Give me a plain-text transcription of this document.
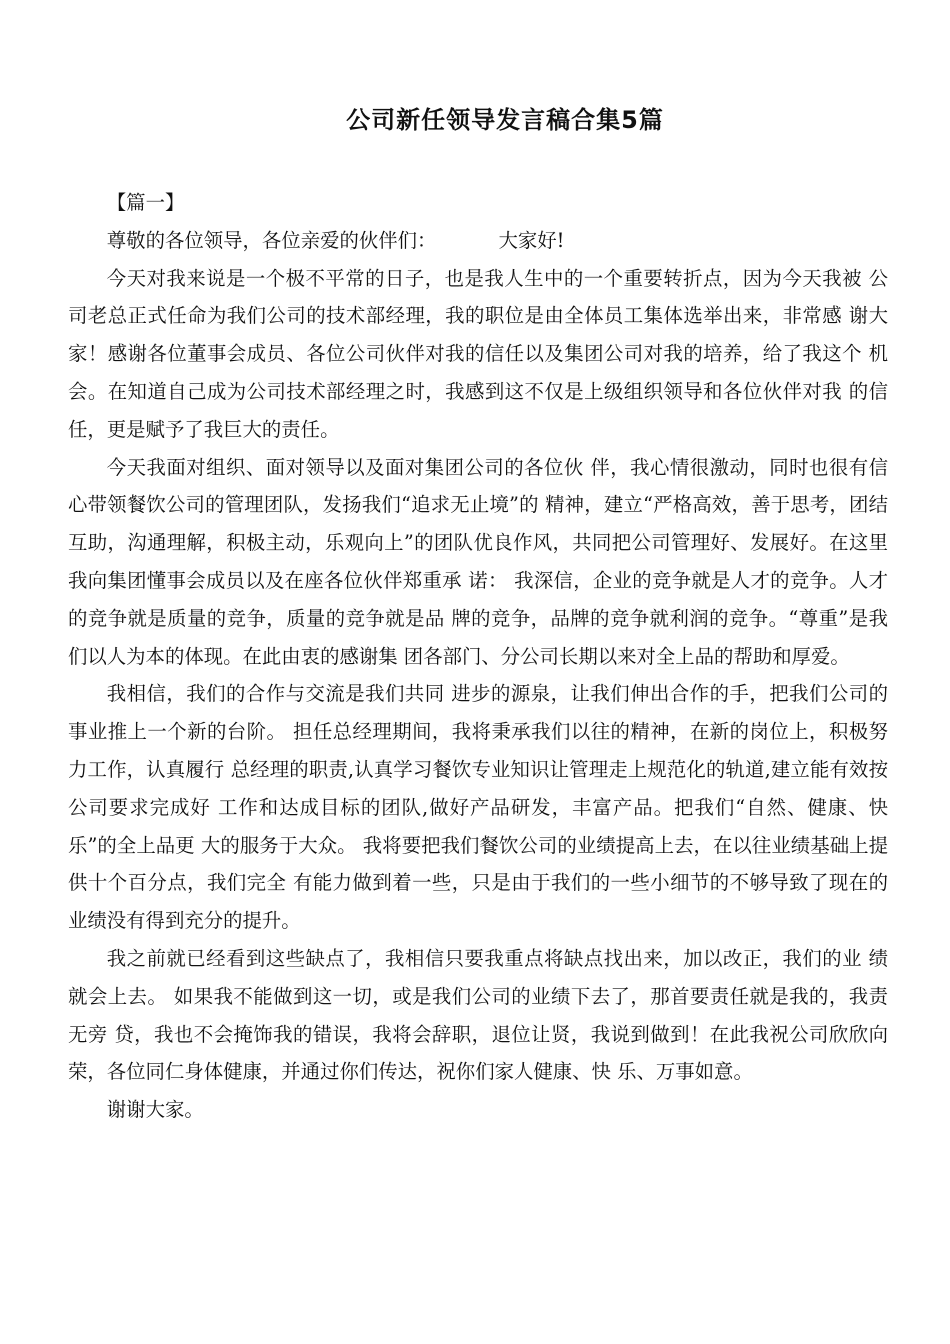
公司新任领导发言稿合集5篇

【篇一】

尊敬的各位领导，各位亲爱的伙伴们：	大家好!

今天对我来说是一个极不平常的日子，也是我人生中的一个重要转折点，因为今天我被 公司老总正式任命为我们公司的技术部经理，我的职位是由全体员工集体选举出来，非常感 谢大家！感谢各位董事会成员、各位公司伙伴对我的信任以及集团公司对我的培养，给了我这个 机会。在知道自己成为公司技术部经理之时，我感到这不仅是上级组织领导和各位伙伴对我 的信任，更是赋予了我巨大的责任。

今天我面对组织、面对领导以及面对集团公司的各位伙 伴，我心情很激动，同时也很有信心带领餐饮公司的管理团队，发扬我们“追求无止境”的 精神，建立“严格高效，善于思考，团结互助，沟通理解，积极主动，乐观向上”的团队优良作风，共同把公司管理好、发展好。在这里我向集团懂事会成员以及在座各位伙伴郑重承 诺： 我深信，企业的竞争就是人才的竞争。人才的竞争就是质量的竞争，质量的竞争就是品 牌的竞争，品牌的竞争就利润的竞争。“尊重”是我们以人为本的体现。在此由衷的感谢集 团各部门、分公司长期以来对全上品的帮助和厚爱。

我相信，我们的合作与交流是我们共同 进步的源泉，让我们伸出合作的手，把我们公司的事业推上一个新的台阶。 担任总经理期间，我将秉承我们以往的精神，在新的岗位上，积极努力工作，认真履行 总经理的职责,认真学习餐饮专业知识让管理走上规范化的轨道,建立能有效按公司要求完成好 工作和达成目标的团队,做好产品研发，丰富产品。把我们“自然、健康、快乐”的全上品更 大的服务于大众。 我将要把我们餐饮公司的业绩提高上去，在以往业绩基础上提供十个百分点，我们完全 有能力做到着一些，只是由于我们的一些小细节的不够导致了现在的业绩没有得到充分的提升。

我之前就已经看到这些缺点了，我相信只要我重点将缺点找出来，加以改正，我们的业 绩就会上去。 如果我不能做到这一切，或是我们公司的业绩下去了，那首要责任就是我的，我责无旁 贷，我也不会掩饰我的错误，我将会辞职，退位让贤，我说到做到！在此我祝公司欣欣向荣，各位同仁身体健康，并通过你们传达，祝你们家人健康、快 乐、万事如意。

谢谢大家。
